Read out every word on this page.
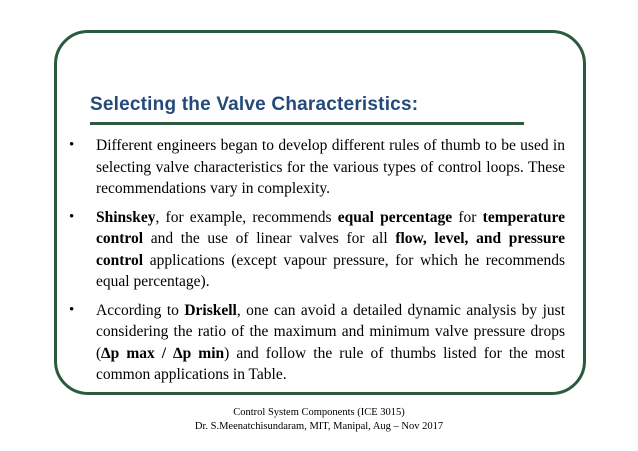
Selecting the Valve Characteristics:
• Different engineers began to develop different rules of thumb to be used in selecting valve characteristics for the various types of control loops. These recommendations vary in complexity.
• Shinskey, for example, recommends equal percentage for temperature control and the use of linear valves for all flow, level, and pressure control applications (except vapour pressure, for which he recommends equal percentage).
• According to Driskell, one can avoid a detailed dynamic analysis by just considering the ratio of the maximum and minimum valve pressure drops (∆p max / ∆p min) and follow the rule of thumbs listed for the most common applications in Table.
Control System Components (ICE 3015)
Dr. S.Meenatchisundaram, MIT, Manipal, Aug – Nov 2017
